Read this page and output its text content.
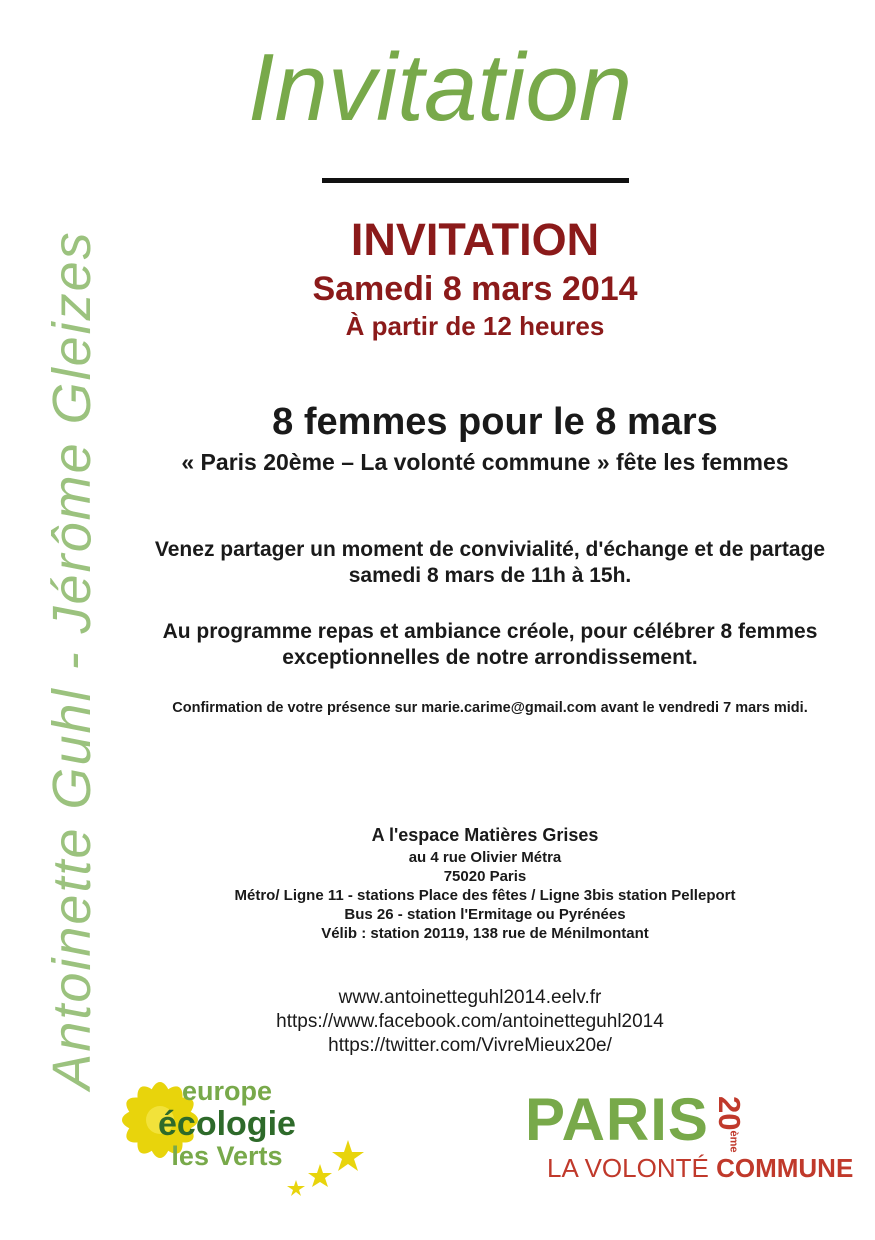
Antoinette Guhl - Jérôme Gleizes
Invitation
INVITATION
Samedi 8 mars 2014
À partir de 12 heures
8 femmes pour le 8 mars
« Paris 20ème – La volonté commune » fête les femmes
Venez partager un moment de convivialité, d'échange et de partage samedi 8 mars de 11h à 15h.
Au programme repas et ambiance créole, pour célébrer 8 femmes exceptionnelles de notre arrondissement.
Confirmation de votre présence sur marie.carime@gmail.com avant le vendredi 7 mars midi.
A l'espace Matières Grises
au 4 rue Olivier Métra
75020 Paris
Métro/ Ligne 11 - stations Place des fêtes / Ligne 3bis station Pelleport
Bus 26 - station l'Ermitage ou Pyrénées
Vélib : station 20119, 138 rue de Ménilmontant
www.antoinetteguhl2014.eelv.fr
https://www.facebook.com/antoinetteguhl2014
https://twitter.com/VivreMieux20e/
europe
écologie
les Verts
PARIS 20ème
LA VOLONTÉ COMMUNE
